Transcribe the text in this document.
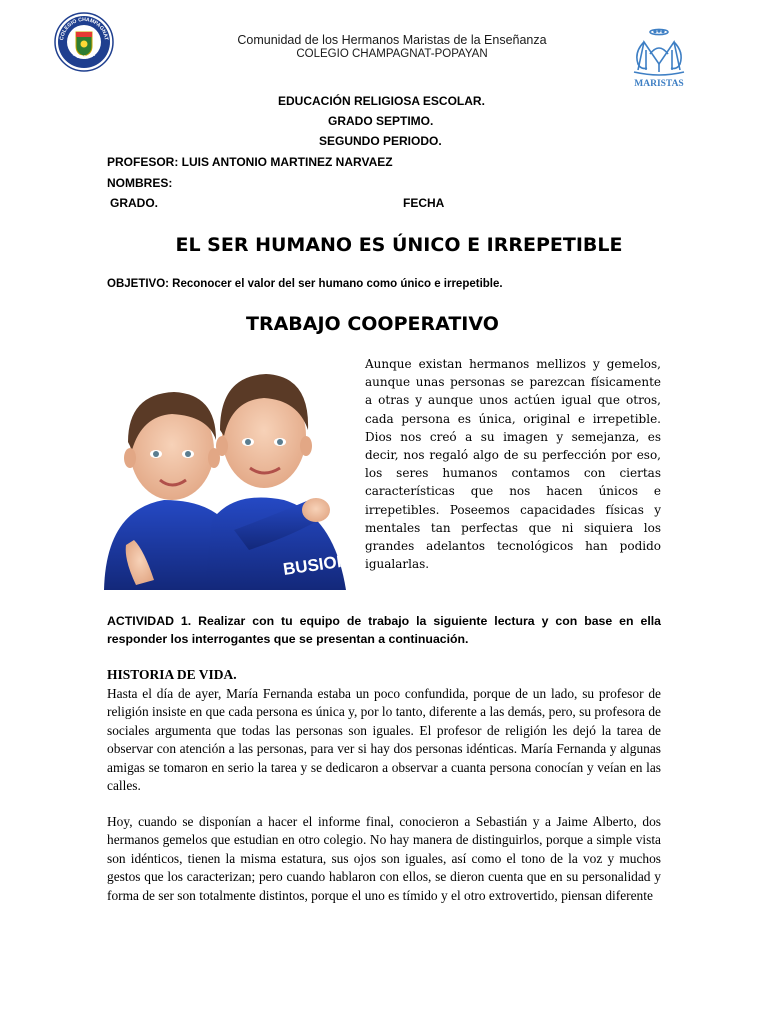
COLEGIO CHAMPAGNAT
POPAYAN
Comunidad de los Hermanos Maristas de la Enseñanza
COLEGIO CHAMPAGNAT-POPAYAN
MARISTAS
EDUCACIÓN RELIGIOSA ESCOLAR.
GRADO SEPTIMO.
SEGUNDO PERIODO.
PROFESOR: LUIS ANTONIO MARTINEZ NARVAEZ
NOMBRES:
GRADO.	FECHA
EL SER HUMANO ES ÚNICO E IRREPETIBLE
OBJETIVO: Reconocer el valor del ser humano como único e irrepetible.
TRABAJO COOPERATIVO
BUSION
Aunque existan hermanos mellizos y gemelos, aunque unas personas se parezcan físicamente a otras y aunque unos actúen igual que otros, cada persona es única, original e irrepetible. Dios nos creó a su imagen y semejanza, es decir, nos regaló algo de su perfección por eso, los seres humanos contamos con ciertas características que nos hacen únicos e irrepetibles. Poseemos capacidades físicas y mentales tan perfectas que ni siquiera los grandes adelantos tecnológicos han podido igualarlas.
ACTIVIDAD 1. Realizar con tu equipo de trabajo la siguiente lectura y con base en ella responder los interrogantes que se presentan a continuación.
HISTORIA DE VIDA.

Hasta el día de ayer, María Fernanda estaba un poco confundida, porque de un lado, su profesor de religión insiste en que cada persona es única y, por lo tanto, diferente a las demás, pero, su profesora de sociales argumenta que todas las personas son iguales. El profesor de religión les dejó la tarea de observar con atención a las personas, para ver si hay dos personas idénticas. María Fernanda y algunas amigas se tomaron en serio la tarea y se dedicaron a observar a cuanta persona conocían y veían en las calles.

Hoy, cuando se disponían a hacer el informe final, conocieron a Sebastián y a Jaime Alberto, dos hermanos gemelos que estudian en otro colegio. No hay manera de distinguirlos, porque a simple vista son idénticos, tienen la misma estatura, sus ojos son iguales, así como el tono de la voz y muchos gestos que los caracterizan; pero cuando hablaron con ellos, se dieron cuenta que en su personalidad y forma de ser son totalmente distintos, porque el uno es tímido y el otro extrovertido, piensan diferente
